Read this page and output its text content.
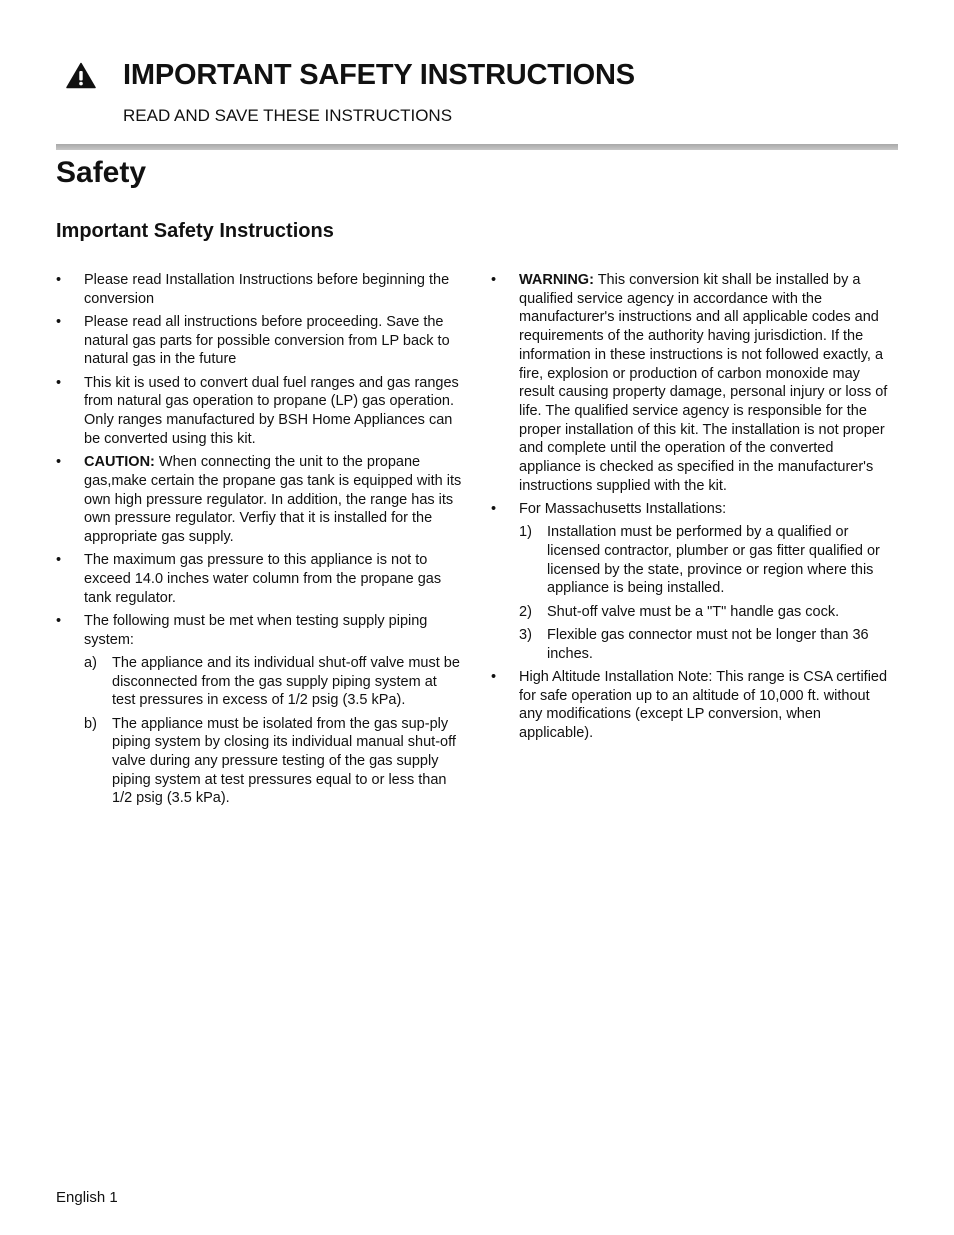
IMPORTANT SAFETY INSTRUCTIONS

READ AND SAVE THESE INSTRUCTIONS

Safety
Important Safety Instructions
• Please read Installation Instructions before beginning the conversion
• Please read all instructions before proceeding. Save the natural gas parts for possible conversion from LP back to natural gas in the future
• This kit is used to convert dual fuel ranges and gas ranges from natural gas operation to propane (LP) gas operation. Only ranges manufactured by BSH Home Appliances can be converted using this kit.
• CAUTION: When connecting the unit to the propane gas,make certain the propane gas tank is equipped with its own high pressure regulator. In addition, the range has its own pressure regulator. Verfiy that it is installed for the appropriate gas supply.
• The maximum gas pressure to this appliance is not to exceed 14.0 inches water column from the propane gas tank regulator.
• The following must be met when testing supply piping system:
a) The appliance and its individual shut-off valve must be disconnected from the gas supply piping system at test pressures in excess of 1/2 psig (3.5 kPa).
b) The appliance must be isolated from the gas sup-ply piping system by closing its individual manual shut-off valve during any pressure testing of the gas supply piping system at test pressures equal to or less than 1/2 psig (3.5 kPa).
• WARNING: This conversion kit shall be installed by a qualified service agency in accordance with the manufacturer's instructions and all applicable codes and requirements of the authority having jurisdiction. If the information in these instructions is not followed exactly, a fire, explosion or production of carbon monoxide may result causing property damage, personal injury or loss of life. The qualified service agency is responsible for the proper installation of this kit. The installation is not proper and complete until the operation of the converted appliance is checked as specified in the manufacturer's instructions supplied with the kit.
• For Massachusetts Installations:
1) Installation must be performed by a qualified or licensed contractor, plumber or gas fitter qualified or licensed by the state, province or region where this appliance is being installed.
2) Shut-off valve must be a "T" handle gas cock.
3) Flexible gas connector must not be longer than 36 inches.
• High Altitude Installation Note: This range is CSA certified for safe operation up to an altitude of 10,000 ft. without any modifications (except LP conversion, when applicable).

English 1
